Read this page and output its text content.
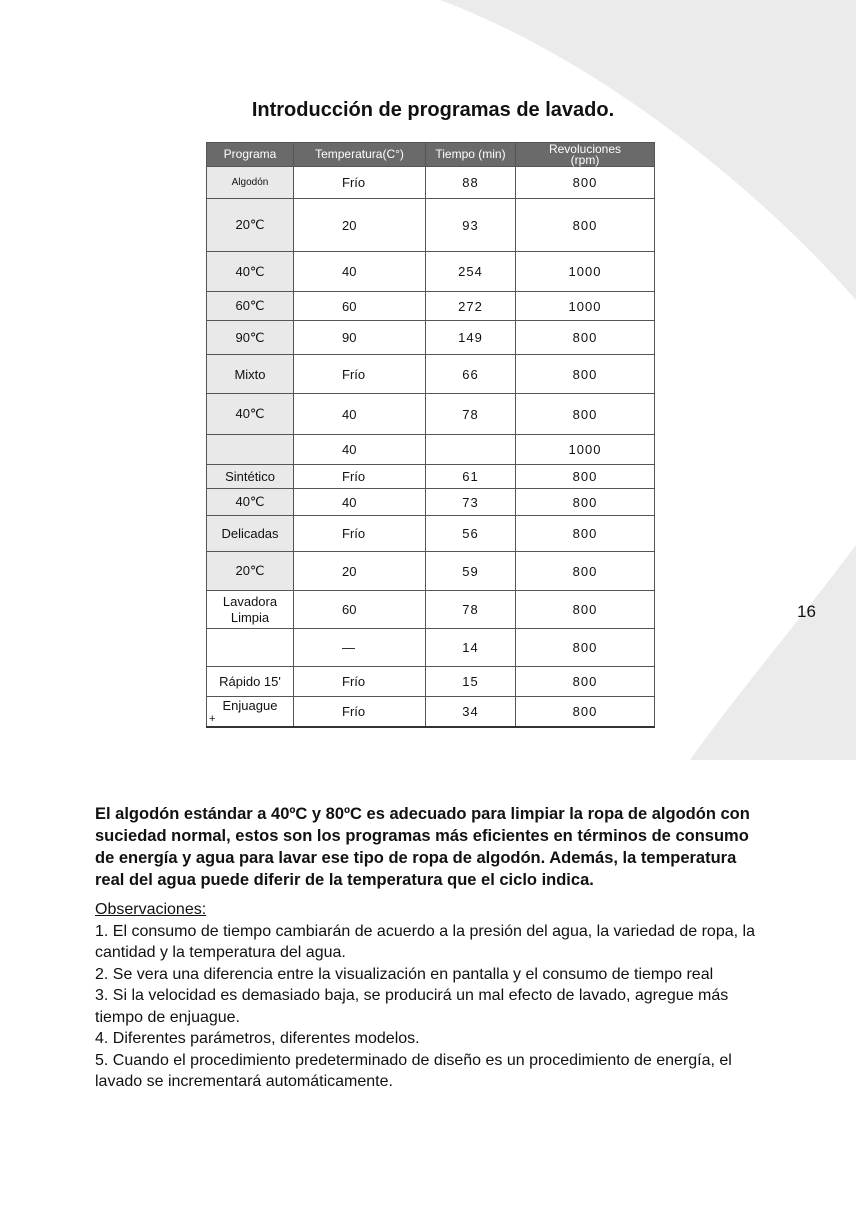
Introducción de programas de lavado.
Programa	Temperatura(C°)	Tiempo (min)	Revoluciones
(rpm)

Algodón	Frío	88	800
20℃	20	93	800
40℃	40	254	1000
60℃	60	272	1000
90℃	90	149	800
Mixto	Frío	66	800
40℃	40	78	800
	40		1000
Sintético	Frío	61	800
40℃	40	73	800
Delicadas	Frío	56	800
20℃	20	59	800

Lavadora
Limpia	60	78	800
	—	14	800
Rápido 15'	Frío	15	800

Enjuague
+	Frío	34	800
16
El algodón estándar a 40ºC y 80ºC es adecuado para limpiar la ropa de algodón con suciedad normal, estos son los programas más eficientes en términos de consumo de energía y agua para lavar ese tipo de ropa de algodón. Además, la temperatura real del agua puede diferir de la temperatura que el ciclo indica.
Observaciones:

1. El consumo de tiempo cambiarán de acuerdo a la presión del agua, la variedad de ropa, la cantidad y la temperatura del agua.

2. Se vera una diferencia entre la visualización en pantalla y el consumo de tiempo real

3. Si la velocidad es demasiado baja, se producirá un mal efecto de lavado, agregue más tiempo de enjuague.

4. Diferentes parámetros, diferentes modelos.

5. Cuando el procedimiento predeterminado de diseño es un procedimiento de energía, el lavado se incrementará automáticamente.
